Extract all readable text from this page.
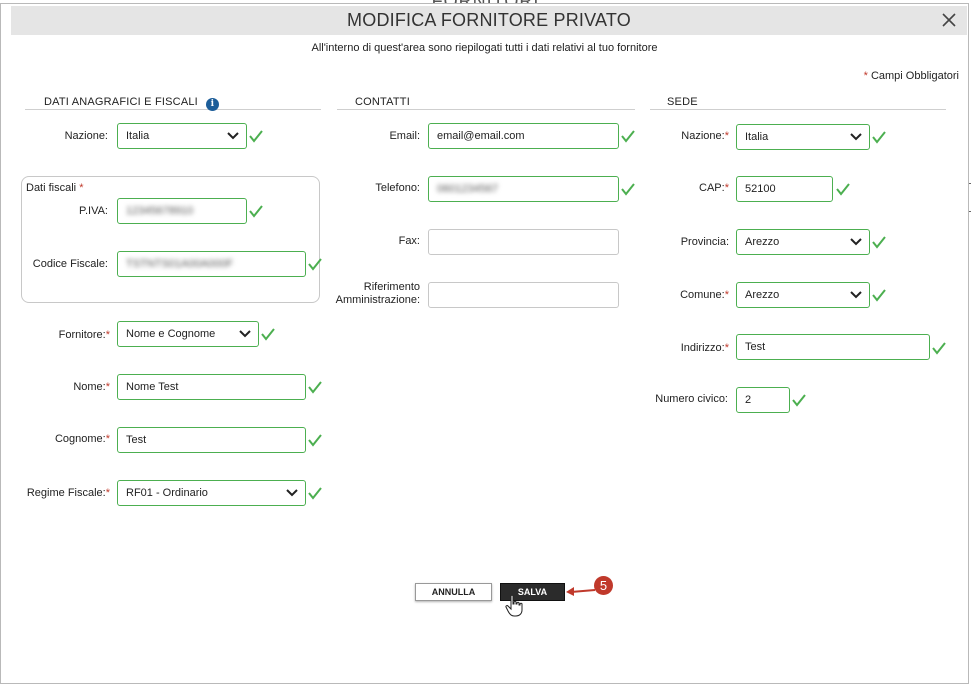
MODIFICA FORNITORE PRIVATO
All'interno di quest'area sono riepilogati tutti i dati relativi al tuo fornitore
* Campi Obbligatori
DATI ANAGRAFICI E FISCALI i
Nazione: Italia
Dati fiscali *
P.IVA: 12345678910
Codice Fiscale: TSTNTS01A00A000F
Fornitore:* Nome e Cognome
Nome:* Nome Test
Cognome:* Test
Regime Fiscale:* RF01 - Ordinario
CONTATTI
Email: email@email.com
Telefono: 0601234567
Fax:
Riferimento
Amministrazione:
SEDE
Nazione:* Italia
CAP:* 52100
Provincia: Arezzo
Comune:* Arezzo
Indirizzo:* Test
Numero civico: 2
ANNULLA	SALVA	5
